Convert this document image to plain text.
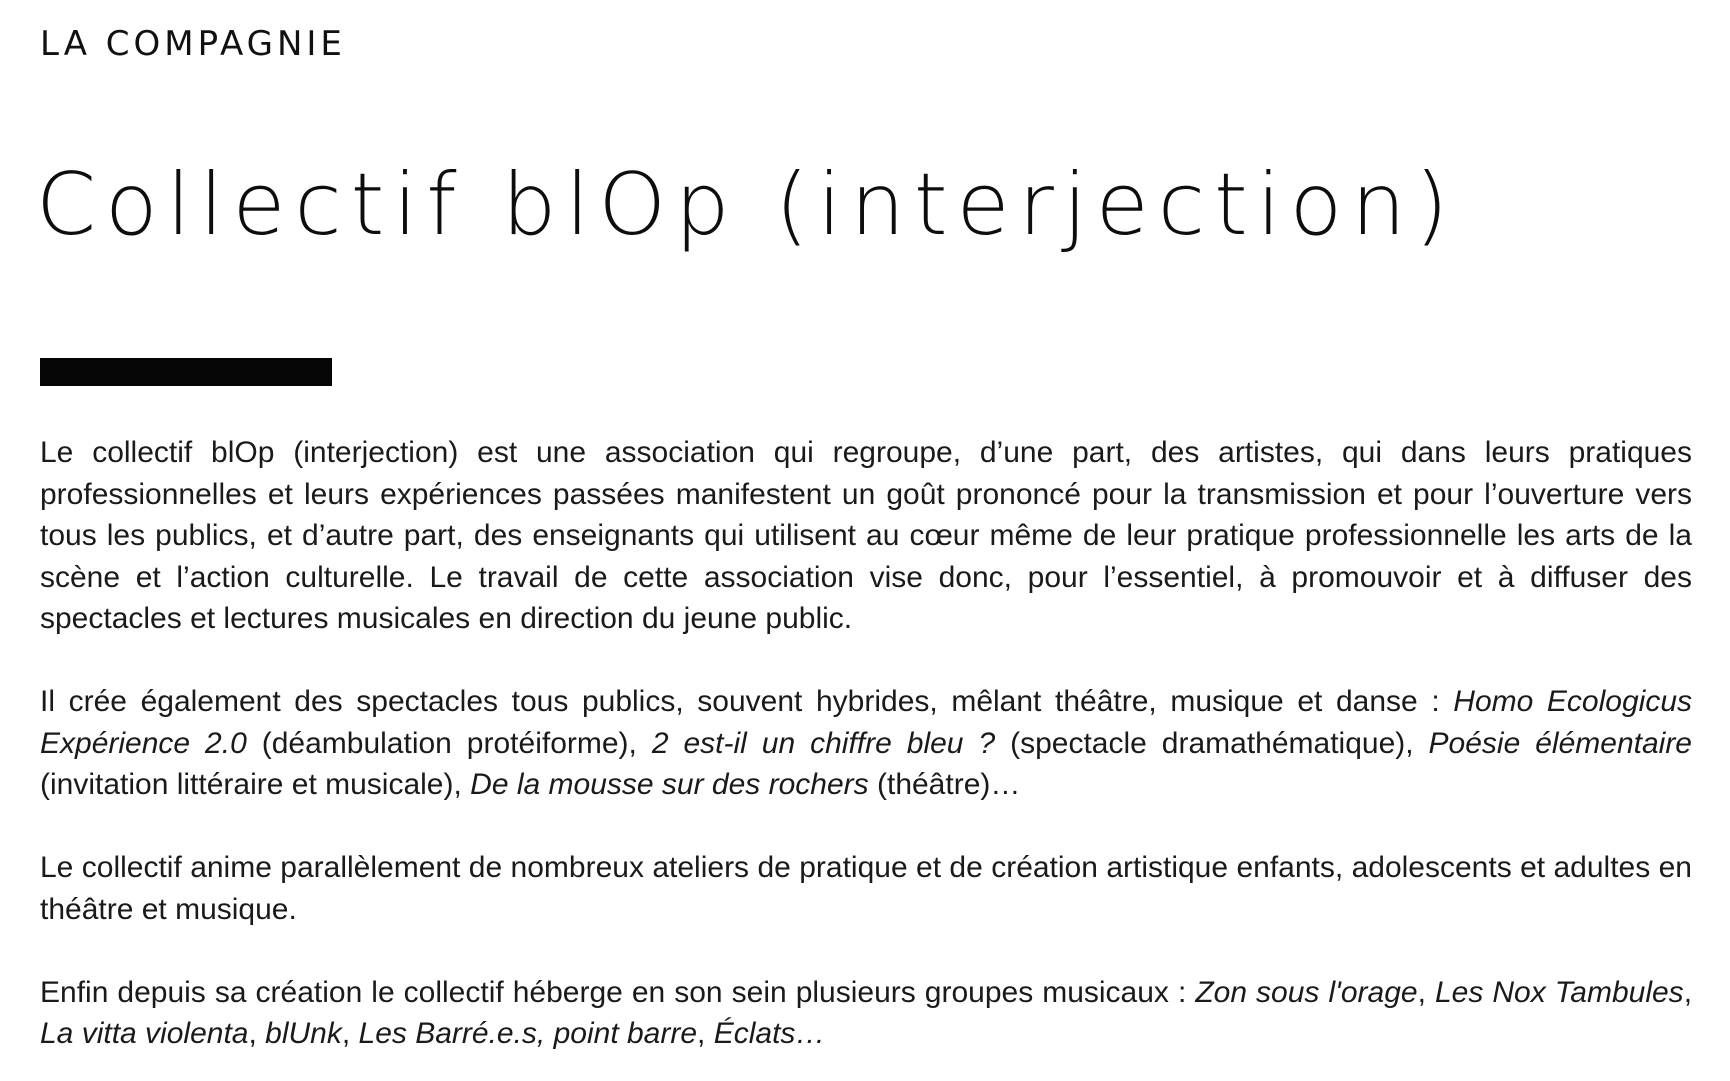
LA COMPAGNIE
Collectif blOp (interjection)

Le collectif blOp (interjection) est une association qui regroupe, d’une part, des artistes, qui dans leurs pratiques professionnelles et leurs expériences passées manifestent un goût prononcé pour la transmission et pour l’ouverture vers tous les publics, et d’autre part, des enseignants qui utilisent au cœur même de leur pratique professionnelle les arts de la scène et l’action culturelle. Le travail de cette association vise donc, pour l’essentiel, à promouvoir et à diffuser des spectacles et lectures musicales en direction du jeune public.

Il crée également des spectacles tous publics, souvent hybrides, mêlant théâtre, musique et danse : Homo Ecologicus Expérience 2.0 (déambulation protéiforme), 2 est-il un chiffre bleu ? (spectacle dramathématique), Poésie élémentaire (invitation littéraire et musicale), De la mousse sur des rochers (théâtre)…

Le collectif anime parallèlement de nombreux ateliers de pratique et de création artistique enfants, adolescents et adultes en théâtre et musique.

Enfin depuis sa création le collectif héberge en son sein plusieurs groupes musicaux : Zon sous l'orage, Les Nox Tambules, La vitta violenta, blUnk, Les Barré.e.s, point barre, Éclats…
